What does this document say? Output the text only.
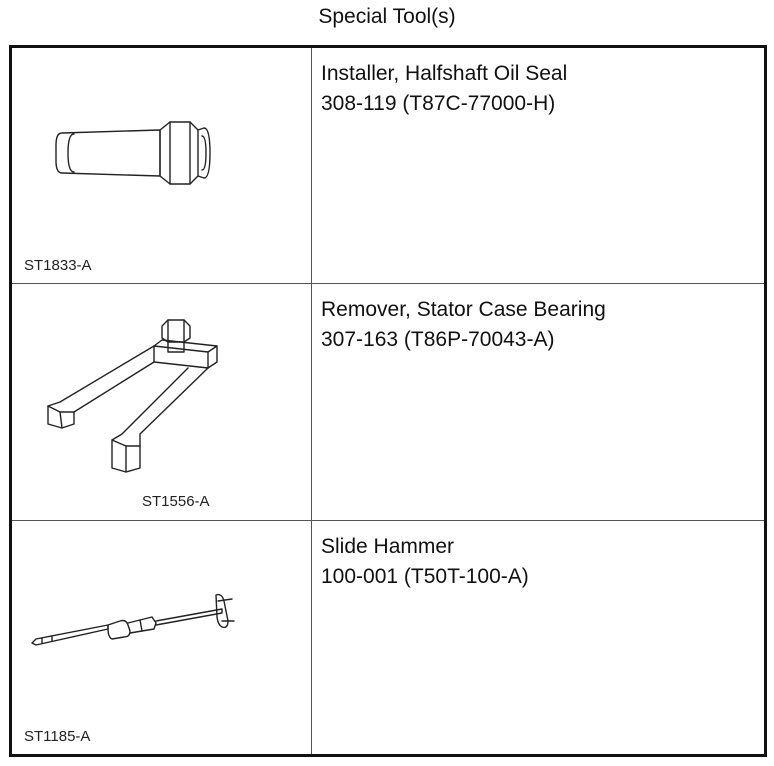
Special Tool(s)
ST1833-A
Installer, Halfshaft Oil Seal
308-119 (T87C-77000-H)
ST1556-A
Remover, Stator Case Bearing
307-163 (T86P-70043-A)
ST1185-A
Slide Hammer
100-001 (T50T-100-A)
